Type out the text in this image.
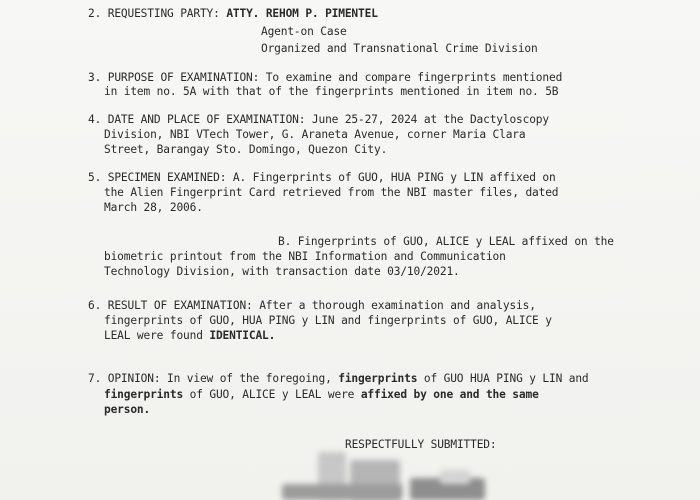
2. REQUESTING PARTY: ATTY. REHOM P. PIMENTEL
Agent-on Case
Organized and Transnational Crime Division
3. PURPOSE OF EXAMINATION: To examine and compare fingerprints mentioned
in item no. 5A with that of the fingerprints mentioned in item no. 5B
4. DATE AND PLACE OF EXAMINATION: June 25-27, 2024 at the Dactyloscopy
Division, NBI VTech Tower, G. Araneta Avenue, corner Maria Clara
Street, Barangay Sto. Domingo, Quezon City.
5. SPECIMEN EXAMINED: A. Fingerprints of GUO, HUA PING y LIN affixed on
the Alien Fingerprint Card retrieved from the NBI master files, dated
March 28, 2006.
B. Fingerprints of GUO, ALICE y LEAL affixed on the
biometric printout from the NBI Information and Communication
Technology Division, with transaction date 03/10/2021.
6. RESULT OF EXAMINATION: After a thorough examination and analysis,
fingerprints of GUO, HUA PING y LIN and fingerprints of GUO, ALICE y
LEAL were found IDENTICAL.
7. OPINION: In view of the foregoing, fingerprints of GUO HUA PING y LIN and
fingerprints of GUO, ALICE y LEAL were affixed by one and the same
person.
RESPECTFULLY SUBMITTED:
